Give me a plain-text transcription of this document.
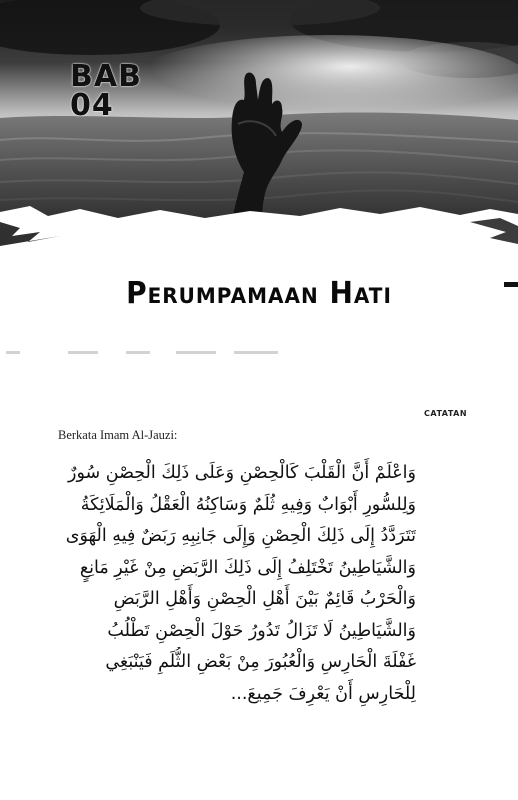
BAB
04
Perumpamaan Hati
CATATAN
Berkata Imam Al-Jauzi:
وَاعْلَمْ أَنَّ الْقَلْبَ كَالْحِصْنِ وَعَلَى ذَلِكَ الْحِصْنِ سُورٌ
وَلِلسُّورِ أَبْوَابٌ وَفِيهِ ثُلَمٌ وَسَاكِنُهُ الْعَقْلُ وَالْمَلَائِكَةُ
تَتَرَدَّدُ إِلَى ذَلِكَ الْحِصْنِ وَإِلَى جَانِبِهِ رَبَضٌ فِيهِ الْهَوَى
وَالشَّيَاطِينُ تَخْتَلِفُ إِلَى ذَلِكَ الرَّبَضِ مِنْ غَيْرِ مَانِعٍ
وَالْحَرْبُ قَائِمٌ بَيْنَ أَهْلِ الْحِصْنِ وَأَهْلِ الرَّبَضِ
وَالشَّيَاطِينُ لَا تَزَالُ تَدُورُ حَوْلَ الْحِصْنِ تَطْلُبُ
غَفْلَةَ الْحَارِسِ وَالْعُبُورَ مِنْ بَعْضِ الثُّلَمِ فَيَنْبَغِي
لِلْحَارِسِ أَنْ يَعْرِفَ جَمِيعَ...
